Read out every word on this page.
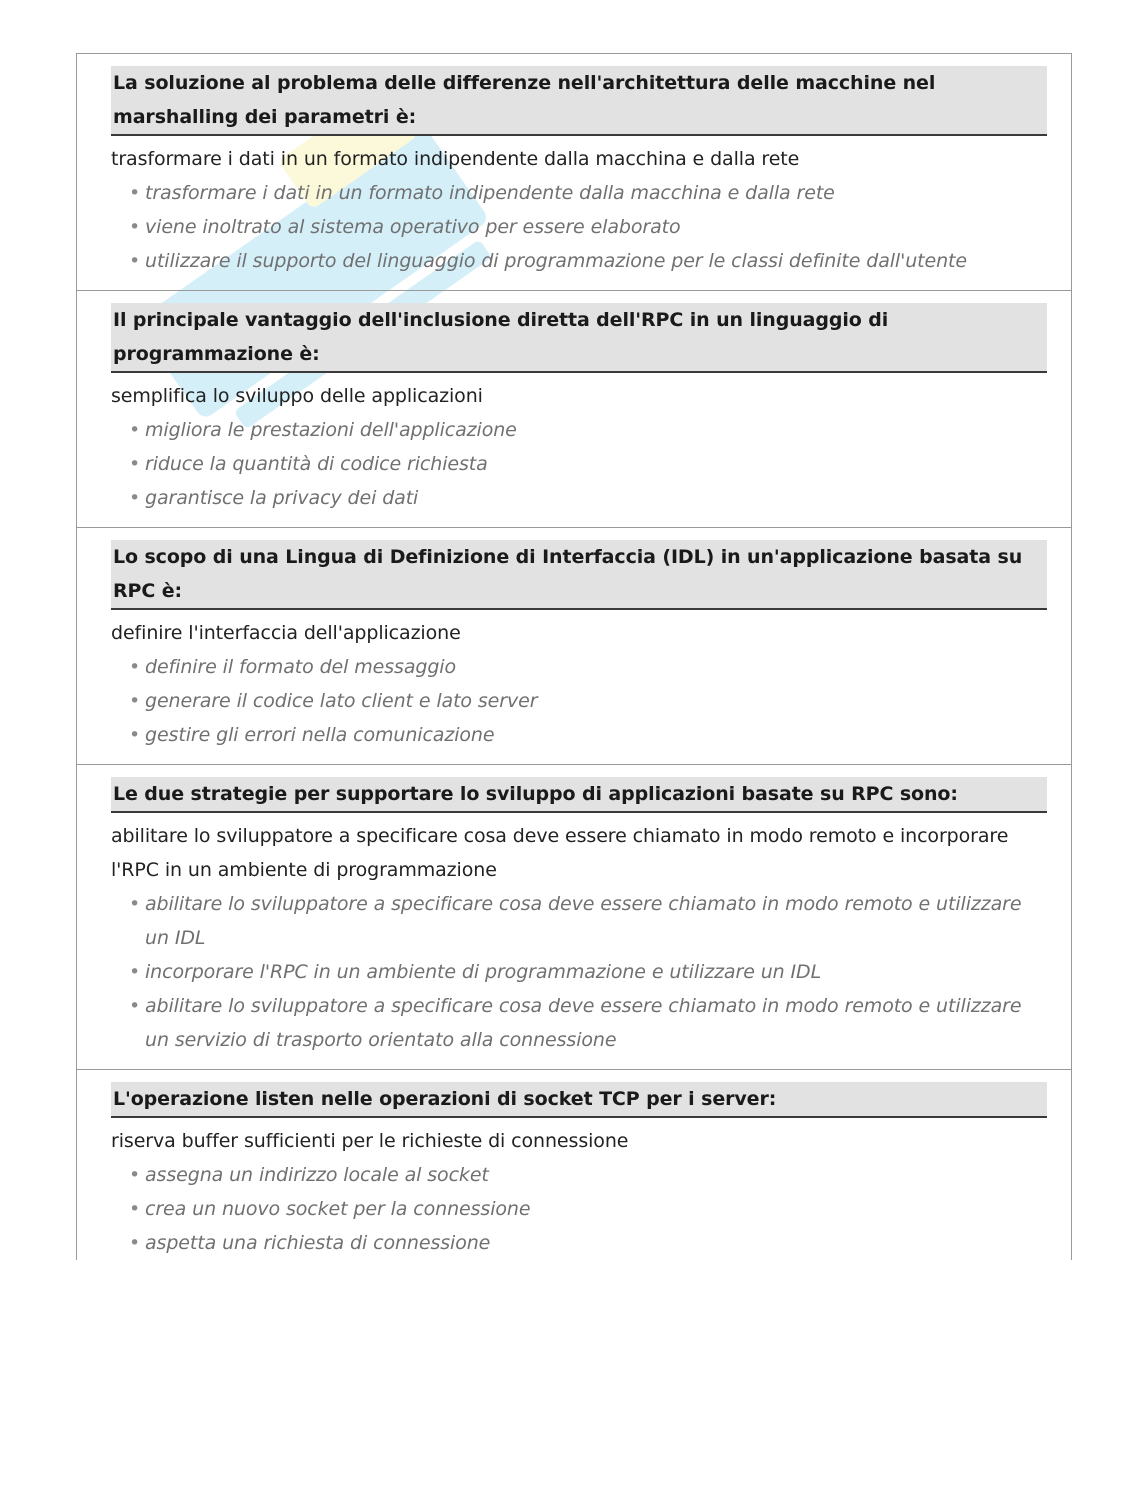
La soluzione al problema delle differenze nell'architettura delle macchine nel marshalling dei parametri è:
trasformare i dati in un formato indipendente dalla macchina e dalla rete
• trasformare i dati in un formato indipendente dalla macchina e dalla rete
• viene inoltrato al sistema operativo per essere elaborato
• utilizzare il supporto del linguaggio di programmazione per le classi definite dall'utente
Il principale vantaggio dell'inclusione diretta dell'RPC in un linguaggio di programmazione è:
semplifica lo sviluppo delle applicazioni
• migliora le prestazioni dell'applicazione
• riduce la quantità di codice richiesta
• garantisce la privacy dei dati
Lo scopo di una Lingua di Definizione di Interfaccia (IDL) in un'applicazione basata su RPC è:
definire l'interfaccia dell'applicazione
• definire il formato del messaggio
• generare il codice lato client e lato server
• gestire gli errori nella comunicazione
Le due strategie per supportare lo sviluppo di applicazioni basate su RPC sono:
abilitare lo sviluppatore a specificare cosa deve essere chiamato in modo remoto e incorporare l'RPC in un ambiente di programmazione
• abilitare lo sviluppatore a specificare cosa deve essere chiamato in modo remoto e utilizzare un IDL
• incorporare l'RPC in un ambiente di programmazione e utilizzare un IDL
• abilitare lo sviluppatore a specificare cosa deve essere chiamato in modo remoto e utilizzare un servizio di trasporto orientato alla connessione
L'operazione listen nelle operazioni di socket TCP per i server:
riserva buffer sufficienti per le richieste di connessione
• assegna un indirizzo locale al socket
• crea un nuovo socket per la connessione
• aspetta una richiesta di connessione
